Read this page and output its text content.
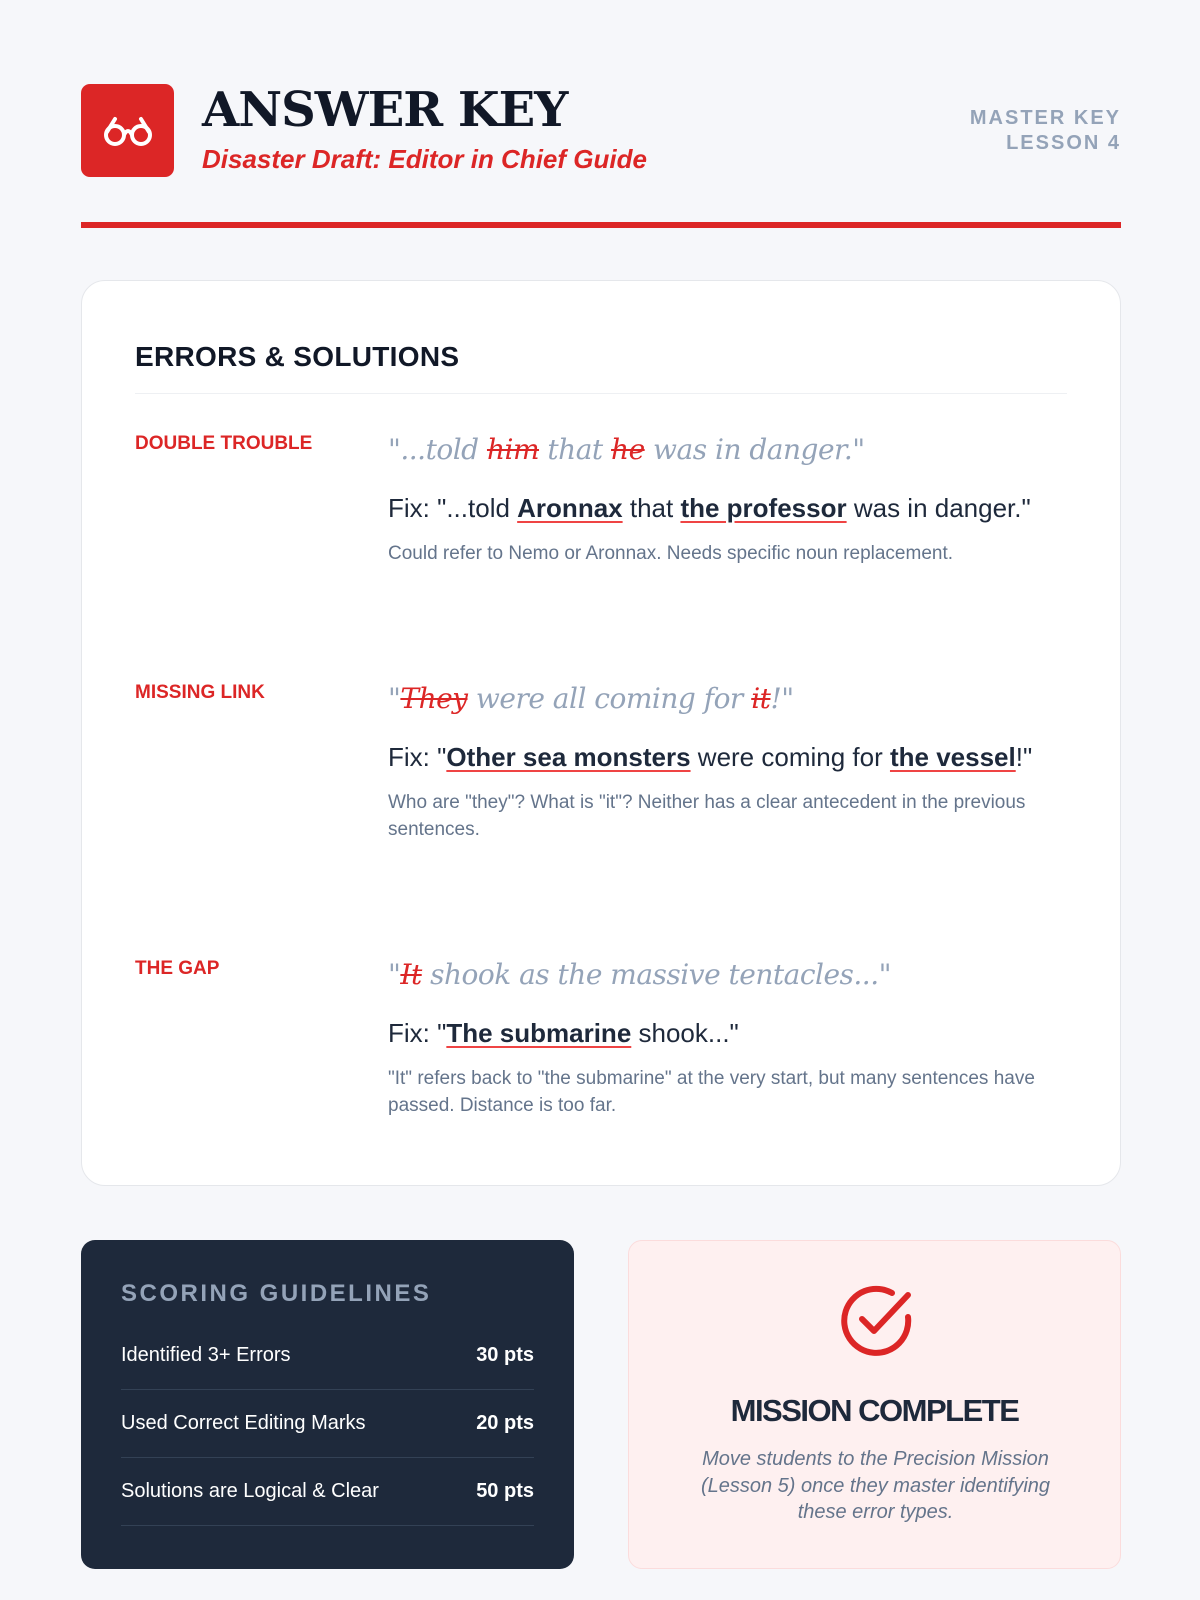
ANSWER KEY
Disaster Draft: Editor in Chief Guide
MASTER KEY
LESSON 4
ERRORS & SOLUTIONS
DOUBLE TROUBLE	"...told him that he was in danger."
Fix: "...told Aronnax that the professor was in danger."
Could refer to Nemo or Aronnax. Needs specific noun replacement.
MISSING LINK	"They were all coming for it!"
Fix: "Other sea monsters were coming for the vessel!"
Who are "they"? What is "it"? Neither has a clear antecedent in the previous sentences.
THE GAP	"It shook as the massive tentacles..."
Fix: "The submarine shook..."
"It" refers back to "the submarine" at the very start, but many sentences have passed. Distance is too far.
SCORING GUIDELINES
Identified 3+ Errors	30 pts
Used Correct Editing Marks	20 pts
Solutions are Logical & Clear	50 pts
MISSION COMPLETE
Move students to the Precision Mission (Lesson 5) once they master identifying these error types.
